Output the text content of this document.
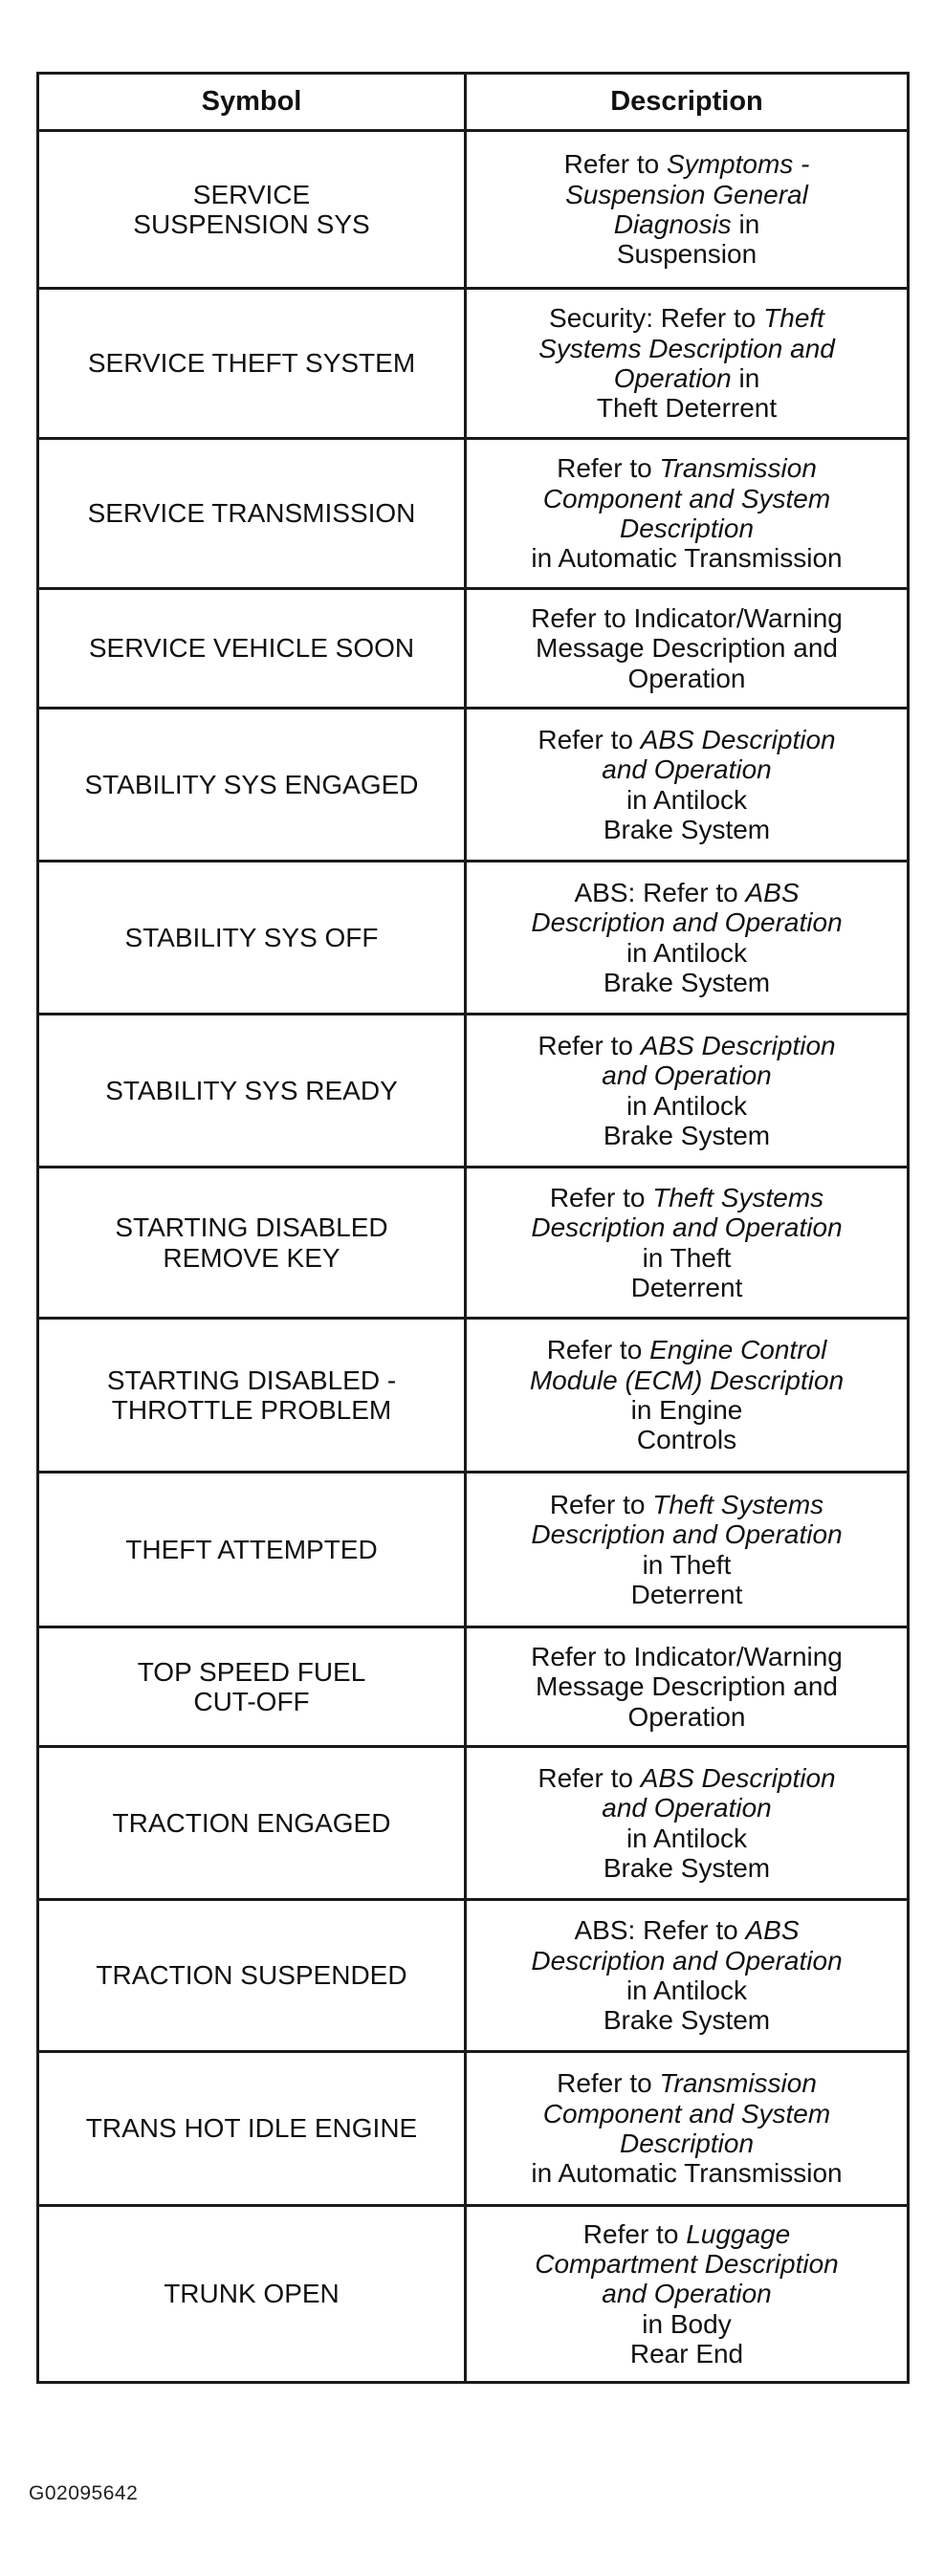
Symbol	Description

SERVICE
SUSPENSION SYS	Refer to Symptoms -
Suspension General
Diagnosis in
Suspension

SERVICE THEFT SYSTEM	Security: Refer to Theft
Systems Description and
Operation in
Theft Deterrent

SERVICE TRANSMISSION	Refer to Transmission
Component and System
Description
in Automatic Transmission

SERVICE VEHICLE SOON	Refer to Indicator/Warning
Message Description and
Operation

STABILITY SYS ENGAGED	Refer to ABS Description
and Operation
in Antilock
Brake System

STABILITY SYS OFF	ABS: Refer to ABS
Description and Operation
in Antilock
Brake System

STABILITY SYS READY	Refer to ABS Description
and Operation
in Antilock
Brake System

STARTING DISABLED
REMOVE KEY	Refer to Theft Systems
Description and Operation
in Theft
Deterrent

STARTING DISABLED -
THROTTLE PROBLEM	Refer to Engine Control
Module (ECM) Description
in Engine
Controls

THEFT ATTEMPTED	Refer to Theft Systems
Description and Operation
in Theft
Deterrent

TOP SPEED FUEL
CUT-OFF	Refer to Indicator/Warning
Message Description and
Operation

TRACTION ENGAGED	Refer to ABS Description
and Operation
in Antilock
Brake System

TRACTION SUSPENDED	ABS: Refer to ABS
Description and Operation
in Antilock
Brake System

TRANS HOT IDLE ENGINE	Refer to Transmission
Component and System
Description
in Automatic Transmission

TRUNK OPEN	Refer to Luggage
Compartment Description
and Operation
in Body
Rear End
G02095642
